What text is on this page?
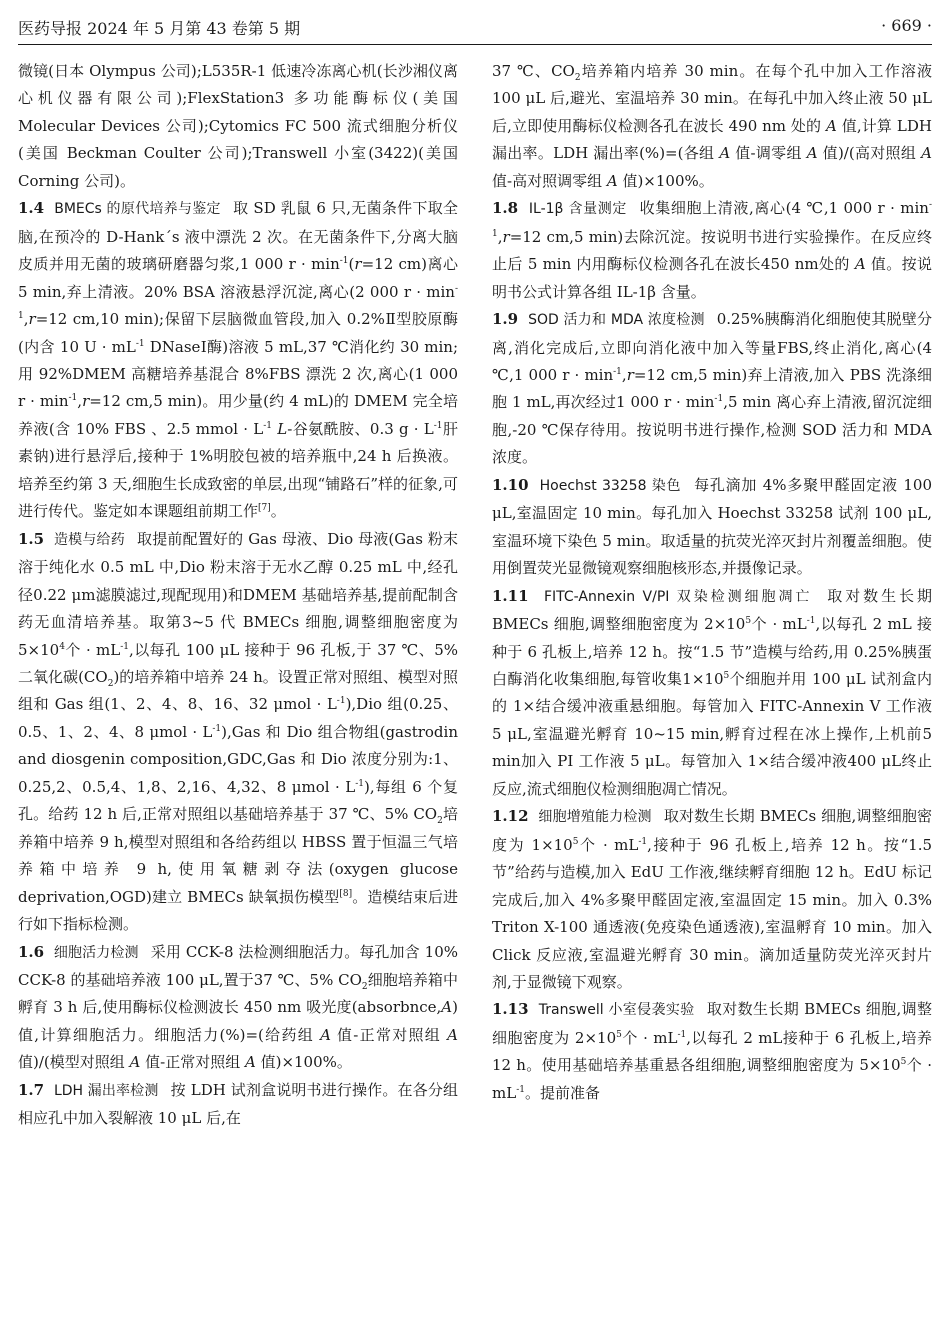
医药导报 2024 年 5 月第 43 卷第 5 期	· 669 ·

微镜(日本 Olympus 公司);L535R-1 低速冷冻离心机(长沙湘仪离心机仪器有限公司);FlexStation3 多功能酶标仪(美国 Molecular Devices 公司);Cytomics FC 500 流式细胞分析仪(美国 Beckman Coulter 公司);Transwell 小室(3422)(美国 Corning 公司)。

1.4 BMECs 的原代培养与鉴定 取 SD 乳鼠 6 只,无菌条件下取全脑,在预冷的 D-Hank´s 液中漂洗 2 次。在无菌条件下,分离大脑皮质并用无菌的玻璃研磨器匀浆,1 000 $r \cdot \min^{-1}(r=12$ cm)离心 5 min,弃上清液。20% BSA 溶液悬浮沉淀,离心(2 000 $r \cdot \min^{-1},r=12$ cm,10 min);保留下层脑微血管段,加入 0.2%Ⅱ型胶原酶(内含 10 $U \cdot mL^{-1}$ DNaseⅠ酶)溶液 5 mL,37 ℃消化约 30 min;用 92%DMEM 高糖培养基混合 8%FBS 漂洗 2 次,离心(1 000 $r \cdot \min^{-1},r=12$ cm,5 min)。用少量(约 4 mL)的 DMEM 完全培养液(含 10% FBS 、2.5 mmol · $L^{-1}$ L-谷氨酰胺、0.3 $g \cdot L^{-1}$肝素钠)进行悬浮后,接种于 1%明胶包被的培养瓶中,24 h 后换液。培养至约第 3 天,细胞生长成致密的单层,出现“铺路石”样的征象,可进行传代。鉴定如本课题组前期工作[7]。

1.5 造模与给药 取提前配置好的 Gas 母液、Dio 母液(Gas 粉末溶于纯化水 0.5 mL 中,Dio 粉末溶于无水乙醇 0.25 mL 中,经孔径0.22 μm滤膜滤过,现配现用)和DMEM 基础培养基,提前配制含药无血清培养基。取第3~5 代 BMECs 细胞,调整细胞密度为 $5\times 10^4$个 · $mL^{-1}$,以每孔 100 μL 接种于 96 孔板,于 37 ℃、5% 二氧化碳$(CO_2)$的培养箱中培养 24 h。设置正常对照组、模型对照组和 Gas 组(1、2、4、8、16、32 $\mu mol \cdot L^{-1}),Dio$ 组(0.25、0.5、1、2、4、8 $\mu mol \cdot L^{-1}),Gas$ 和 Dio 组合物组(gastrodin and diosgenin composition,GDC,Gas 和 Dio 浓度分别为:1、0.25,2、0.5,4、1,8、2,16、4,32、8 $\mu mol \cdot L^{-1}$),每组 6 个复孔。给药 12 h 后,正常对照组以基础培养基于 37 ℃、5% $CO_2$培养箱中培养 9 h,模型对照组和各给药组以 HBSS 置于恒温三气培养箱中培养 9 h,使用氧糖剥夺法(oxygen glucose deprivation,OGD)建立 BMECs 缺氧损伤模型[8]。造模结束后进行如下指标检测。

1.6 细胞活力检测 采用 CCK-8 法检测细胞活力。每孔加含 10% CCK-8 的基础培养液 100 μL,置于37 ℃、5% $CO_2$细胞培养箱中孵育 3 h 后,使用酶标仪检测波长 450 nm 吸光度(absorbnce,A)值,计算细胞活力。细胞活力(%)=(给药组 A 值-正常对照组 A 值)/(模型对照组 A 值-正常对照组 A 值)×100%。

1.7 LDH 漏出率检测 按 LDH 试剂盒说明书进行操作。在各分组相应孔中加入裂解液 10 μL 后,在

37 ℃、$CO_2$培养箱内培养 30 min。在每个孔中加入工作溶液 100 μL 后,避光、室温培养 30 min。在每孔中加入终止液 50 μL 后,立即使用酶标仪检测各孔在波长 490 nm 处的 A 值,计算 LDH 漏出率。LDH 漏出率(%)=(各组 A 值-调零组 A 值)/(高对照组 A 值-高对照调零组 A 值)×100%。

1.8 IL-1β 含量测定 收集细胞上清液,离心(4 ℃,1 000 $r \cdot \min^{-1},r=12$ cm,5 min)去除沉淀。按说明书进行实验操作。在反应终止后 5 min 内用酶标仪检测各孔在波长450 nm处的 A 值。按说明书公式计算各组 IL-1β 含量。

1.9 SOD 活力和 MDA 浓度检测 0.25%胰酶消化细胞使其脱壁分离,消化完成后,立即向消化液中加入等量FBS,终止消化,离心(4 ℃,1 000 $r \cdot \min^{-1},r=12$ cm,5 min)弃上清液,加入 PBS 洗涤细胞 1 mL,再次经过1 000 $r \cdot \min^{-1},5$ min 离心弃上清液,留沉淀细胞,-20 ℃保存待用。按说明书进行操作,检测 SOD 活力和 MDA 浓度。

1.10 Hoechst 33258 染色 每孔滴加 4%多聚甲醛固定液 100 μL,室温固定 10 min。每孔加入 Hoechst 33258 试剂 100 μL,室温环境下染色 5 min。取适量的抗荧光淬灭封片剂覆盖细胞。使用倒置荧光显微镜观察细胞核形态,并摄像记录。

1.11 FITC-Annexin V/PI 双染检测细胞凋亡 取对数生长期 BMECs 细胞,调整细胞密度为 $2\times 10^5$个 · $mL^{-1}$,以每孔 2 mL 接种于 6 孔板上,培养 12 h。按“1.5 节”造模与给药,用 0.25%胰蛋白酶消化收集细胞,每管收集$1\times 10^5$个细胞并用 100 μL 试剂盒内的 1×结合缓冲液重悬细胞。每管加入 FITC-Annexin V 工作液 5 μL,室温避光孵育 10~15 min,孵育过程在冰上操作,上机前5 min加入 PI 工作液 5 μL。每管加入 1×结合缓冲液400 μL终止反应,流式细胞仪检测细胞凋亡情况。

1.12 细胞增殖能力检测 取对数生长期 BMECs 细胞,调整细胞密度为 $1\times 10^5$个 · $mL^{-1}$,接种于 96 孔板上,培养 12 h。按“1.5 节”给药与造模,加入 EdU 工作液,继续孵育细胞 12 h。EdU 标记完成后,加入 4%多聚甲醛固定液,室温固定 15 min。加入 0.3% Triton X-100 通透液(免疫染色通透液),室温孵育 10 min。加入 Click 反应液,室温避光孵育 30 min。滴加适量防荧光淬灭封片剂,于显微镜下观察。

1.13 Transwell 小室侵袭实验 取对数生长期 BMECs 细胞,调整细胞密度为 $2\times 10^5$个 · $mL^{-1}$,以每孔 2 mL接种于 6 孔板上,培养 12 h。使用基础培养基重悬各组细胞,调整细胞密度为 $5\times 10^5$个 · $mL^{-1}$。提前准备
